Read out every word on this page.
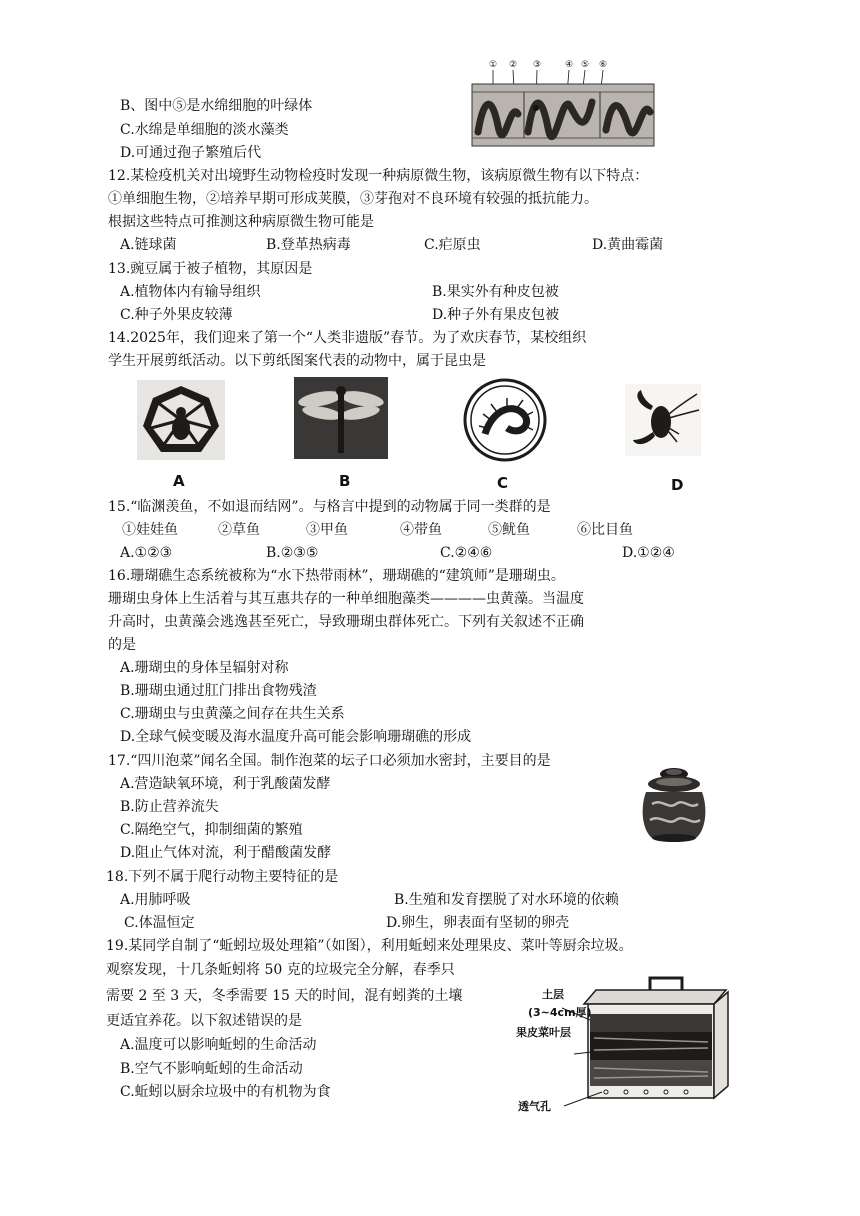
B、图中⑤是水绵细胞的叶绿体
C.水绵是单细胞的淡水藻类
D.可通过孢子繁殖后代
① ② ③	④ ⑤ ⑥
12.某检疫机关对出境野生动物检疫时发现一种病原微生物，该病原微生物有以下特点：
①单细胞生物，②培养早期可形成荚膜，③芽孢对不良环境有较强的抵抗能力。
根据这些特点可推测这种病原微生物可能是
A.链球菌	B.登革热病毒	C.疟原虫	D.黄曲霉菌
13.豌豆属于被子植物，其原因是
A.植物体内有输导组织	B.果实外有种皮包被
C.种子外果皮较薄	D.种子外有果皮包被
14.2025年，我们迎来了第一个“人类非遗版”春节。为了欢庆春节，某校组织
学生开展剪纸活动。以下剪纸图案代表的动物中，属于昆虫是
A	B	C	D
15.“临渊羡鱼，不如退而结网”。与格言中提到的动物属于同一类群的是
①娃娃鱼	②草鱼	③甲鱼	④带鱼	⑤鱿鱼	⑥比目鱼
A.①②③	B.②③⑤	C.②④⑥	D.①②④
16.珊瑚礁生态系统被称为“水下热带雨林”，珊瑚礁的“建筑师”是珊瑚虫。
珊瑚虫身体上生活着与其互惠共存的一种单细胞藻类————虫黄藻。当温度
升高时，虫黄藻会逃逸甚至死亡，导致珊瑚虫群体死亡。下列有关叙述不正确
的是
A.珊瑚虫的身体呈辐射对称
B.珊瑚虫通过肛门排出食物残渣
C.珊瑚虫与虫黄藻之间存在共生关系
D.全球气候变暖及海水温度升高可能会影响珊瑚礁的形成
17.“四川泡菜”闻名全国。制作泡菜的坛子口必须加水密封，主要目的是
A.营造缺氧环境，利于乳酸菌发酵
B.防止营养流失
C.隔绝空气，抑制细菌的繁殖
D.阻止气体对流，利于醋酸菌发酵
18.下列不属于爬行动物主要特征的是
A.用肺呼吸	B.生殖和发育摆脱了对水环境的依赖
C.体温恒定	D.卵生，卵表面有坚韧的卵壳
19.某同学自制了“蚯蚓垃圾处理箱”（如图），利用蚯蚓来处理果皮、菜叶等厨余垃圾。
观察发现，十几条蚯蚓将 50 克的垃圾完全分解，春季只
需要 2 至 3 天，冬季需要 15 天的时间，混有蚓粪的土壤
更适宜养花。以下叙述错误的是
A.温度可以影响蚯蚓的生命活动
B.空气不影响蚯蚓的生命活动
C.蚯蚓以厨余垃圾中的有机物为食
土层
(3~4cm厚)
果皮菜叶层
透气孔
